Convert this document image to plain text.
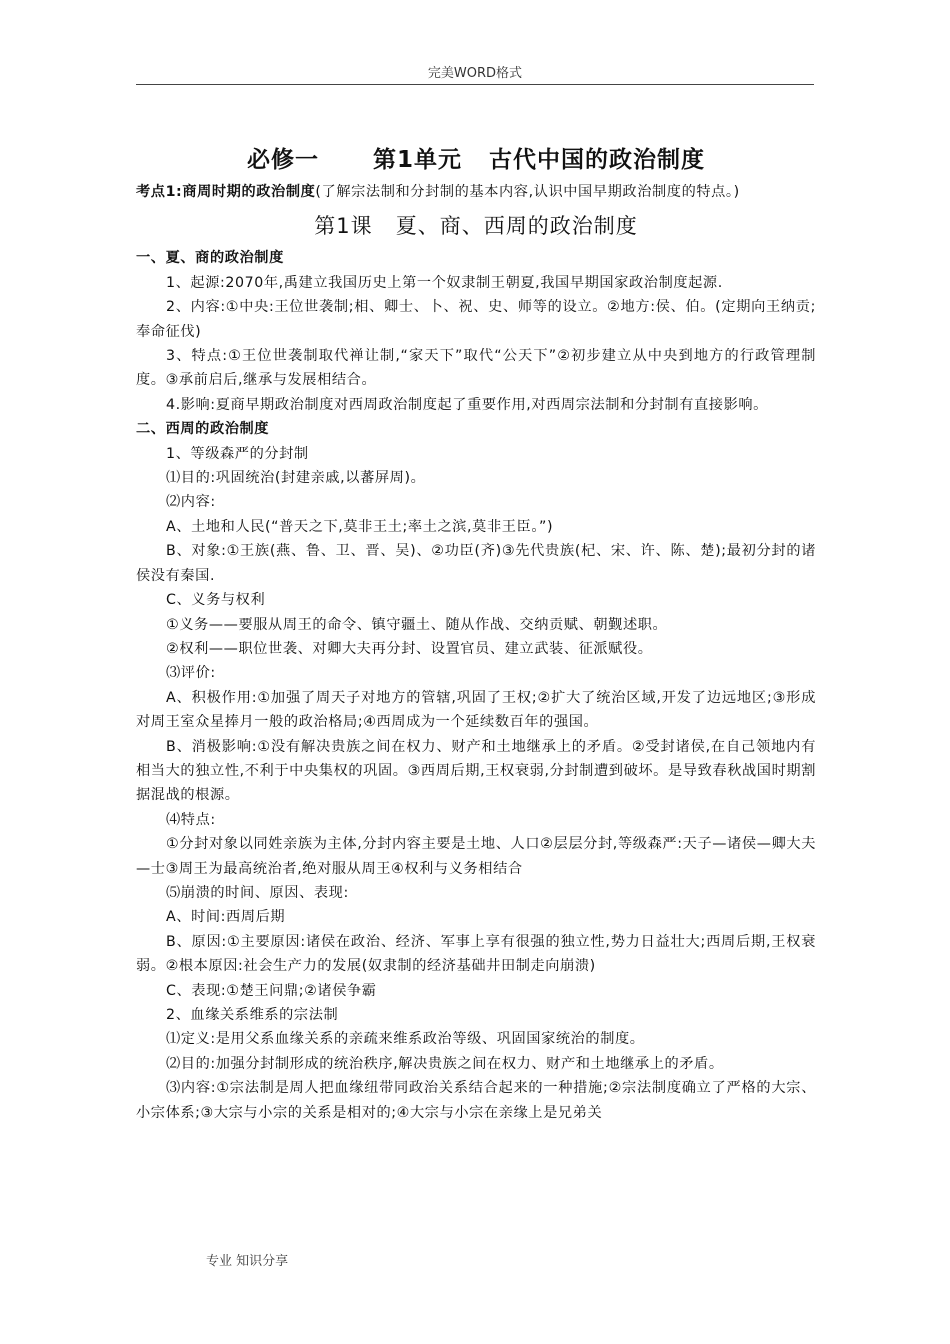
完美WORD格式
必修一 第1单元 古代中国的政治制度

考点1:商周时期的政治制度(了解宗法制和分封制的基本内容,认识中国早期政治制度的特点。)

第1课 夏、商、西周的政治制度

一、夏、商的政治制度

1、起源:2070年,禹建立我国历史上第一个奴隶制王朝夏,我国早期国家政治制度起源.

2、内容:①中央:王位世袭制;相、卿士、卜、祝、史、师等的设立。②地方:侯、伯。(定期向王纳贡;奉命征伐)

3、特点:①王位世袭制取代禅让制,“家天下”取代“公天下”②初步建立从中央到地方的行政管理制度。③承前启后,继承与发展相结合。

4.影响:夏商早期政治制度对西周政治制度起了重要作用,对西周宗法制和分封制有直接影响。

二、西周的政治制度

1、等级森严的分封制

⑴目的:巩固统治(封建亲戚,以蕃屏周)。

⑵内容:

A、土地和人民(“普天之下,莫非王土;率土之滨,莫非王臣。”)

B、对象:①王族(燕、鲁、卫、晋、吴)、②功臣(齐)③先代贵族(杞、宋、许、陈、楚);最初分封的诸侯没有秦国.

C、义务与权利

①义务——要服从周王的命令、镇守疆土、随从作战、交纳贡赋、朝觐述职。

②权利——职位世袭、对卿大夫再分封、设置官员、建立武装、征派赋役。

⑶评价:

A、积极作用:①加强了周天子对地方的管辖,巩固了王权;②扩大了统治区域,开发了边远地区;③形成对周王室众星捧月一般的政治格局;④西周成为一个延续数百年的强国。

B、消极影响:①没有解决贵族之间在权力、财产和土地继承上的矛盾。②受封诸侯,在自己领地内有相当大的独立性,不利于中央集权的巩固。③西周后期,王权衰弱,分封制遭到破坏。是导致春秋战国时期割据混战的根源。

⑷特点:

①分封对象以同姓亲族为主体,分封内容主要是土地、人口②层层分封,等级森严:天子—诸侯—卿大夫—士③周王为最高统治者,绝对服从周王④权利与义务相结合

⑸崩溃的时间、原因、表现:

A、时间:西周后期

B、原因:①主要原因:诸侯在政治、经济、军事上享有很强的独立性,势力日益壮大;西周后期,王权衰弱。②根本原因:社会生产力的发展(奴隶制的经济基础井田制走向崩溃)

C、表现:①楚王问鼎;②诸侯争霸

2、血缘关系维系的宗法制

⑴定义:是用父系血缘关系的亲疏来维系政治等级、巩固国家统治的制度。

⑵目的:加强分封制形成的统治秩序,解决贵族之间在权力、财产和土地继承上的矛盾。

⑶内容:①宗法制是周人把血缘纽带同政治关系结合起来的一种措施;②宗法制度确立了严格的大宗、小宗体系;③大宗与小宗的关系是相对的;④大宗与小宗在亲缘上是兄弟关

专业 知识分享
